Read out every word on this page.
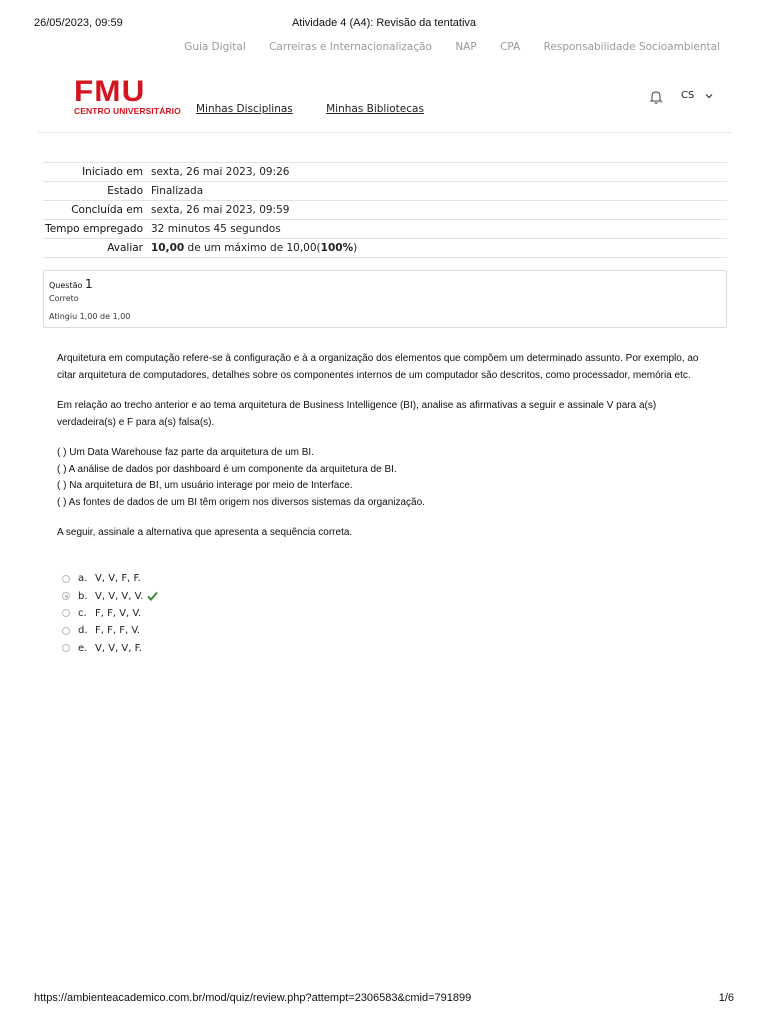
26/05/2023, 09:59	Atividade 4 (A4): Revisão da tentativa
Guia Digital Carreiras e Internacionalização NAP CPA Responsabilidade Socioambiental
FMU
CENTRO UNIVERSITÁRIO Minhas Disciplinas	Minhas Bibliotecas
CS
Iniciado em	sexta, 26 mai 2023, 09:26
Estado	Finalizada
Concluída em	sexta, 26 mai 2023, 09:59
Tempo empregado	32 minutos 45 segundos
Avaliar	10,00 de um máximo de 10,00(100%)
Questão 1
Correto
Atingiu 1,00 de 1,00

Arquitetura em computação refere-se à configuração e à a organização dos elementos que compõem um determinado assunto. Por exemplo, ao citar arquitetura de computadores, detalhes sobre os componentes internos de um computador são descritos, como processador, memória etc.

Em relação ao trecho anterior e ao tema arquitetura de Business Intelligence (BI), analise as afirmativas a seguir e assinale V para a(s) verdadeira(s) e F para a(s) falsa(s).

( ) Um Data Warehouse faz parte da arquitetura de um BI.

( ) A análise de dados por dashboard é um componente da arquitetura de BI.

( ) Na arquitetura de BI, um usuário interage por meio de Interface.

( ) As fontes de dados de um BI têm origem nos diversos sistemas da organização.

A seguir, assinale a alternativa que apresenta a sequência correta.

a. V, V, F, F.
b. V, V, V, V.
c. F, F, V, V.
d. F, F, F, V.
e. V, V, V, F.
https://ambienteacademico.com.br/mod/quiz/review.php?attempt=2306583&cmid=791899	1/6
